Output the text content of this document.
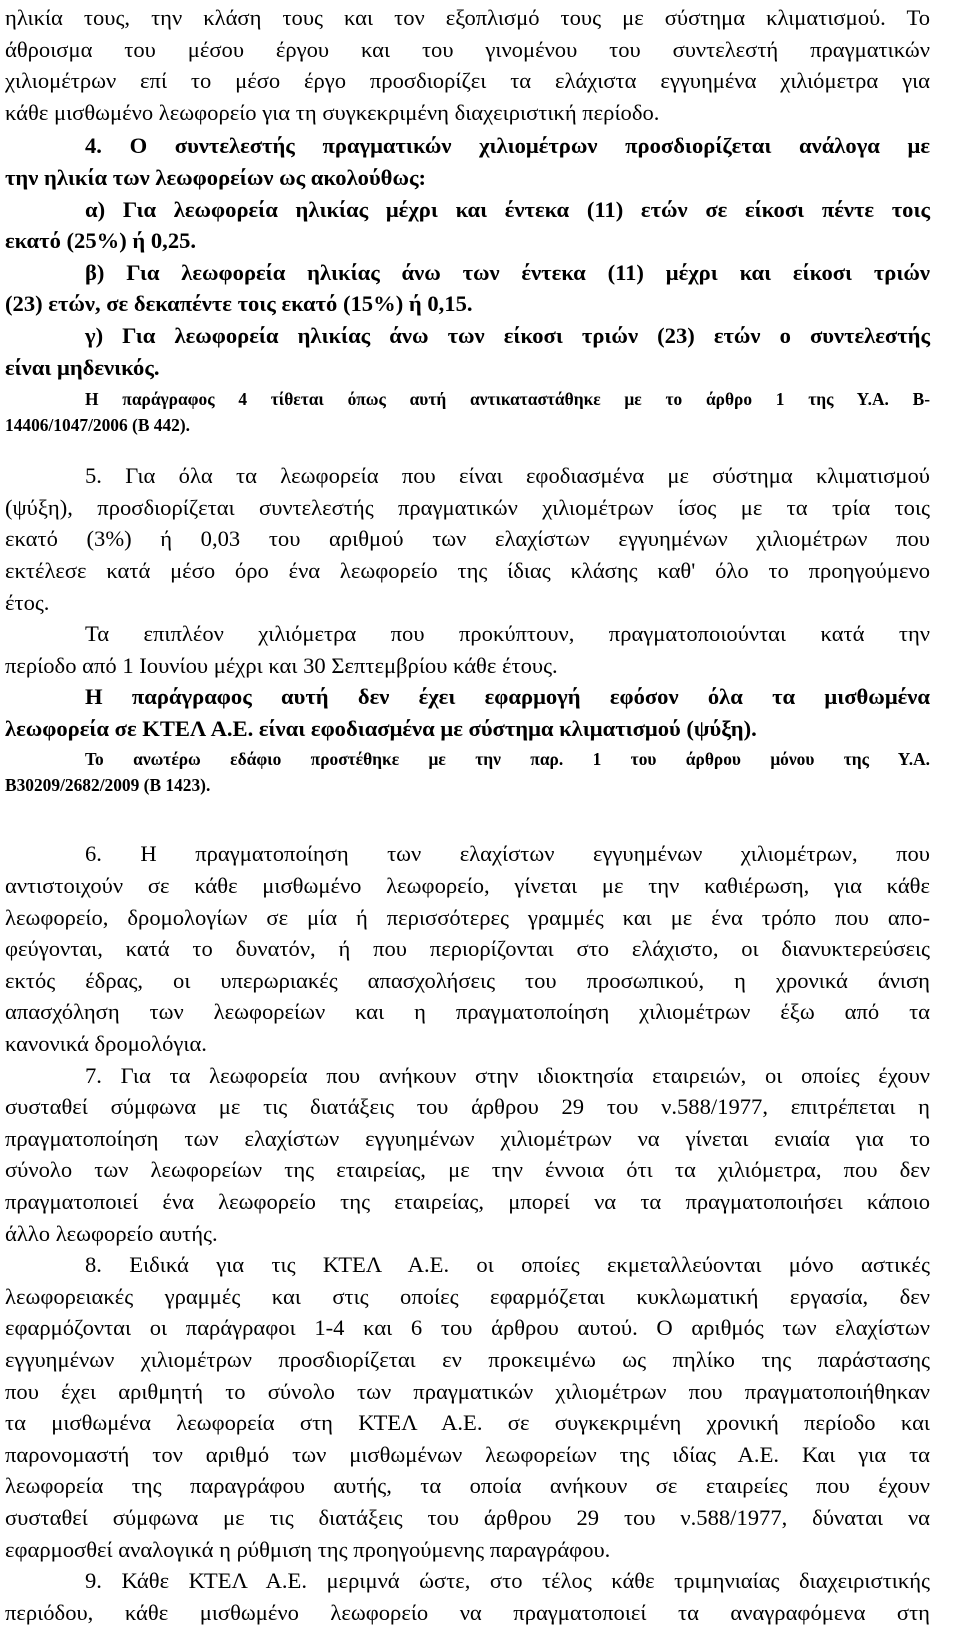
ηλικία τους, την κλάση τους και τον εξοπλισμό τους με σύστημα κλιματισμού. Το
άθροισμα του μέσου έργου και του γινομένου του συντελεστή πραγματικών
χιλιομέτρων επί το μέσο έργο προσδιορίζει τα ελάχιστα εγγυημένα χιλιόμετρα για
κάθε μισθωμένο λεωφορείο για τη συγκεκριμένη διαχειριστική περίοδο.
4. Ο συντελεστής πραγματικών χιλιομέτρων προσδιορίζεται ανάλογα με
την ηλικία των λεωφορείων ως ακολούθως:
α) Για λεωφορεία ηλικίας μέχρι και έντεκα (11) ετών σε είκοσι πέντε τοις
εκατό (25%) ή 0,25.
β) Για λεωφορεία ηλικίας άνω των έντεκα (11) μέχρι και είκοσι τριών
(23) ετών, σε δεκαπέντε τοις εκατό (15%) ή 0,15.
γ) Για λεωφορεία ηλικίας άνω των είκοσι τριών (23) ετών ο συντελεστής
είναι μηδενικός.
Η παράγραφος 4 τίθεται όπως αυτή αντικαταστάθηκε με το άρθρο 1 της Υ.Α. Β-
14406/1047/2006 (Β 442).
5. Για όλα τα λεωφορεία που είναι εφοδιασμένα με σύστημα κλιματισμού
(ψύξη), προσδιορίζεται συντελεστής πραγματικών χιλιομέτρων ίσος με τα τρία τοις
εκατό (3%) ή 0,03 του αριθμού των ελαχίστων εγγυημένων χιλιομέτρων που
εκτέλεσε κατά μέσο όρο ένα λεωφορείο της ίδιας κλάσης καθ' όλο το προηγούμενο
έτος.
Τα επιπλέον χιλιόμετρα που προκύπτουν, πραγματοποιούνται κατά την
περίοδο από 1 Ιουνίου μέχρι και 30 Σεπτεμβρίου κάθε έτους.
Η παράγραφος αυτή δεν έχει εφαρμογή εφόσον όλα τα μισθωμένα
λεωφορεία σε ΚΤΕΛ Α.Ε. είναι εφοδιασμένα με σύστημα κλιματισμού (ψύξη).
Το ανωτέρω εδάφιο προστέθηκε με την παρ. 1 του άρθρου μόνου της Υ.Α.
Β30209/2682/2009 (Β 1423).
6. Η πραγματοποίηση των ελαχίστων εγγυημένων χιλιομέτρων, που
αντιστοιχούν σε κάθε μισθωμένο λεωφορείο, γίνεται με την καθιέρωση, για κάθε
λεωφορείο, δρομολογίων σε μία ή περισσότερες γραμμές και με ένα τρόπο που απο-
φεύγονται, κατά το δυνατόν, ή που περιορίζονται στο ελάχιστο, οι διανυκτερεύσεις
εκτός έδρας, οι υπερωριακές απασχολήσεις του προσωπικού, η χρονικά άνιση
απασχόληση των λεωφορείων και η πραγματοποίηση χιλιομέτρων έξω από τα
κανονικά δρομολόγια.
7. Για τα λεωφορεία που ανήκουν στην ιδιοκτησία εταιρειών, οι οποίες έχουν
συσταθεί σύμφωνα με τις διατάξεις του άρθρου 29 του ν.588/1977, επιτρέπεται η
πραγματοποίηση των ελαχίστων εγγυημένων χιλιομέτρων να γίνεται ενιαία για το
σύνολο των λεωφορείων της εταιρείας, με την έννοια ότι τα χιλιόμετρα, που δεν
πραγματοποιεί ένα λεωφορείο της εταιρείας, μπορεί να τα πραγματοποιήσει κάποιο
άλλο λεωφορείο αυτής.
8. Ειδικά για τις ΚΤΕΛ Α.Ε. οι οποίες εκμεταλλεύονται μόνο αστικές
λεωφορειακές γραμμές και στις οποίες εφαρμόζεται κυκλωματική εργασία, δεν
εφαρμόζονται οι παράγραφοι 1-4 και 6 του άρθρου αυτού. Ο αριθμός των ελαχίστων
εγγυημένων χιλιομέτρων προσδιορίζεται εν προκειμένω ως πηλίκο της παράστασης
που έχει αριθμητή το σύνολο των πραγματικών χιλιομέτρων που πραγματοποιήθηκαν
τα μισθωμένα λεωφορεία στη ΚΤΕΛ Α.Ε. σε συγκεκριμένη χρονική περίοδο και
παρονομαστή τον αριθμό των μισθωμένων λεωφορείων της ιδίας Α.Ε. Και για τα
λεωφορεία της παραγράφου αυτής, τα οποία ανήκουν σε εταιρείες που έχουν
συσταθεί σύμφωνα με τις διατάξεις του άρθρου 29 του ν.588/1977, δύναται να
εφαρμοσθεί αναλογικά η ρύθμιση της προηγούμενης παραγράφου.
9. Κάθε ΚΤΕΛ Α.Ε. μεριμνά ώστε, στο τέλος κάθε τριμηνιαίας διαχειριστικής
περιόδου, κάθε μισθωμένο λεωφορείο να πραγματοποιεί τα αναγραφόμενα στη
